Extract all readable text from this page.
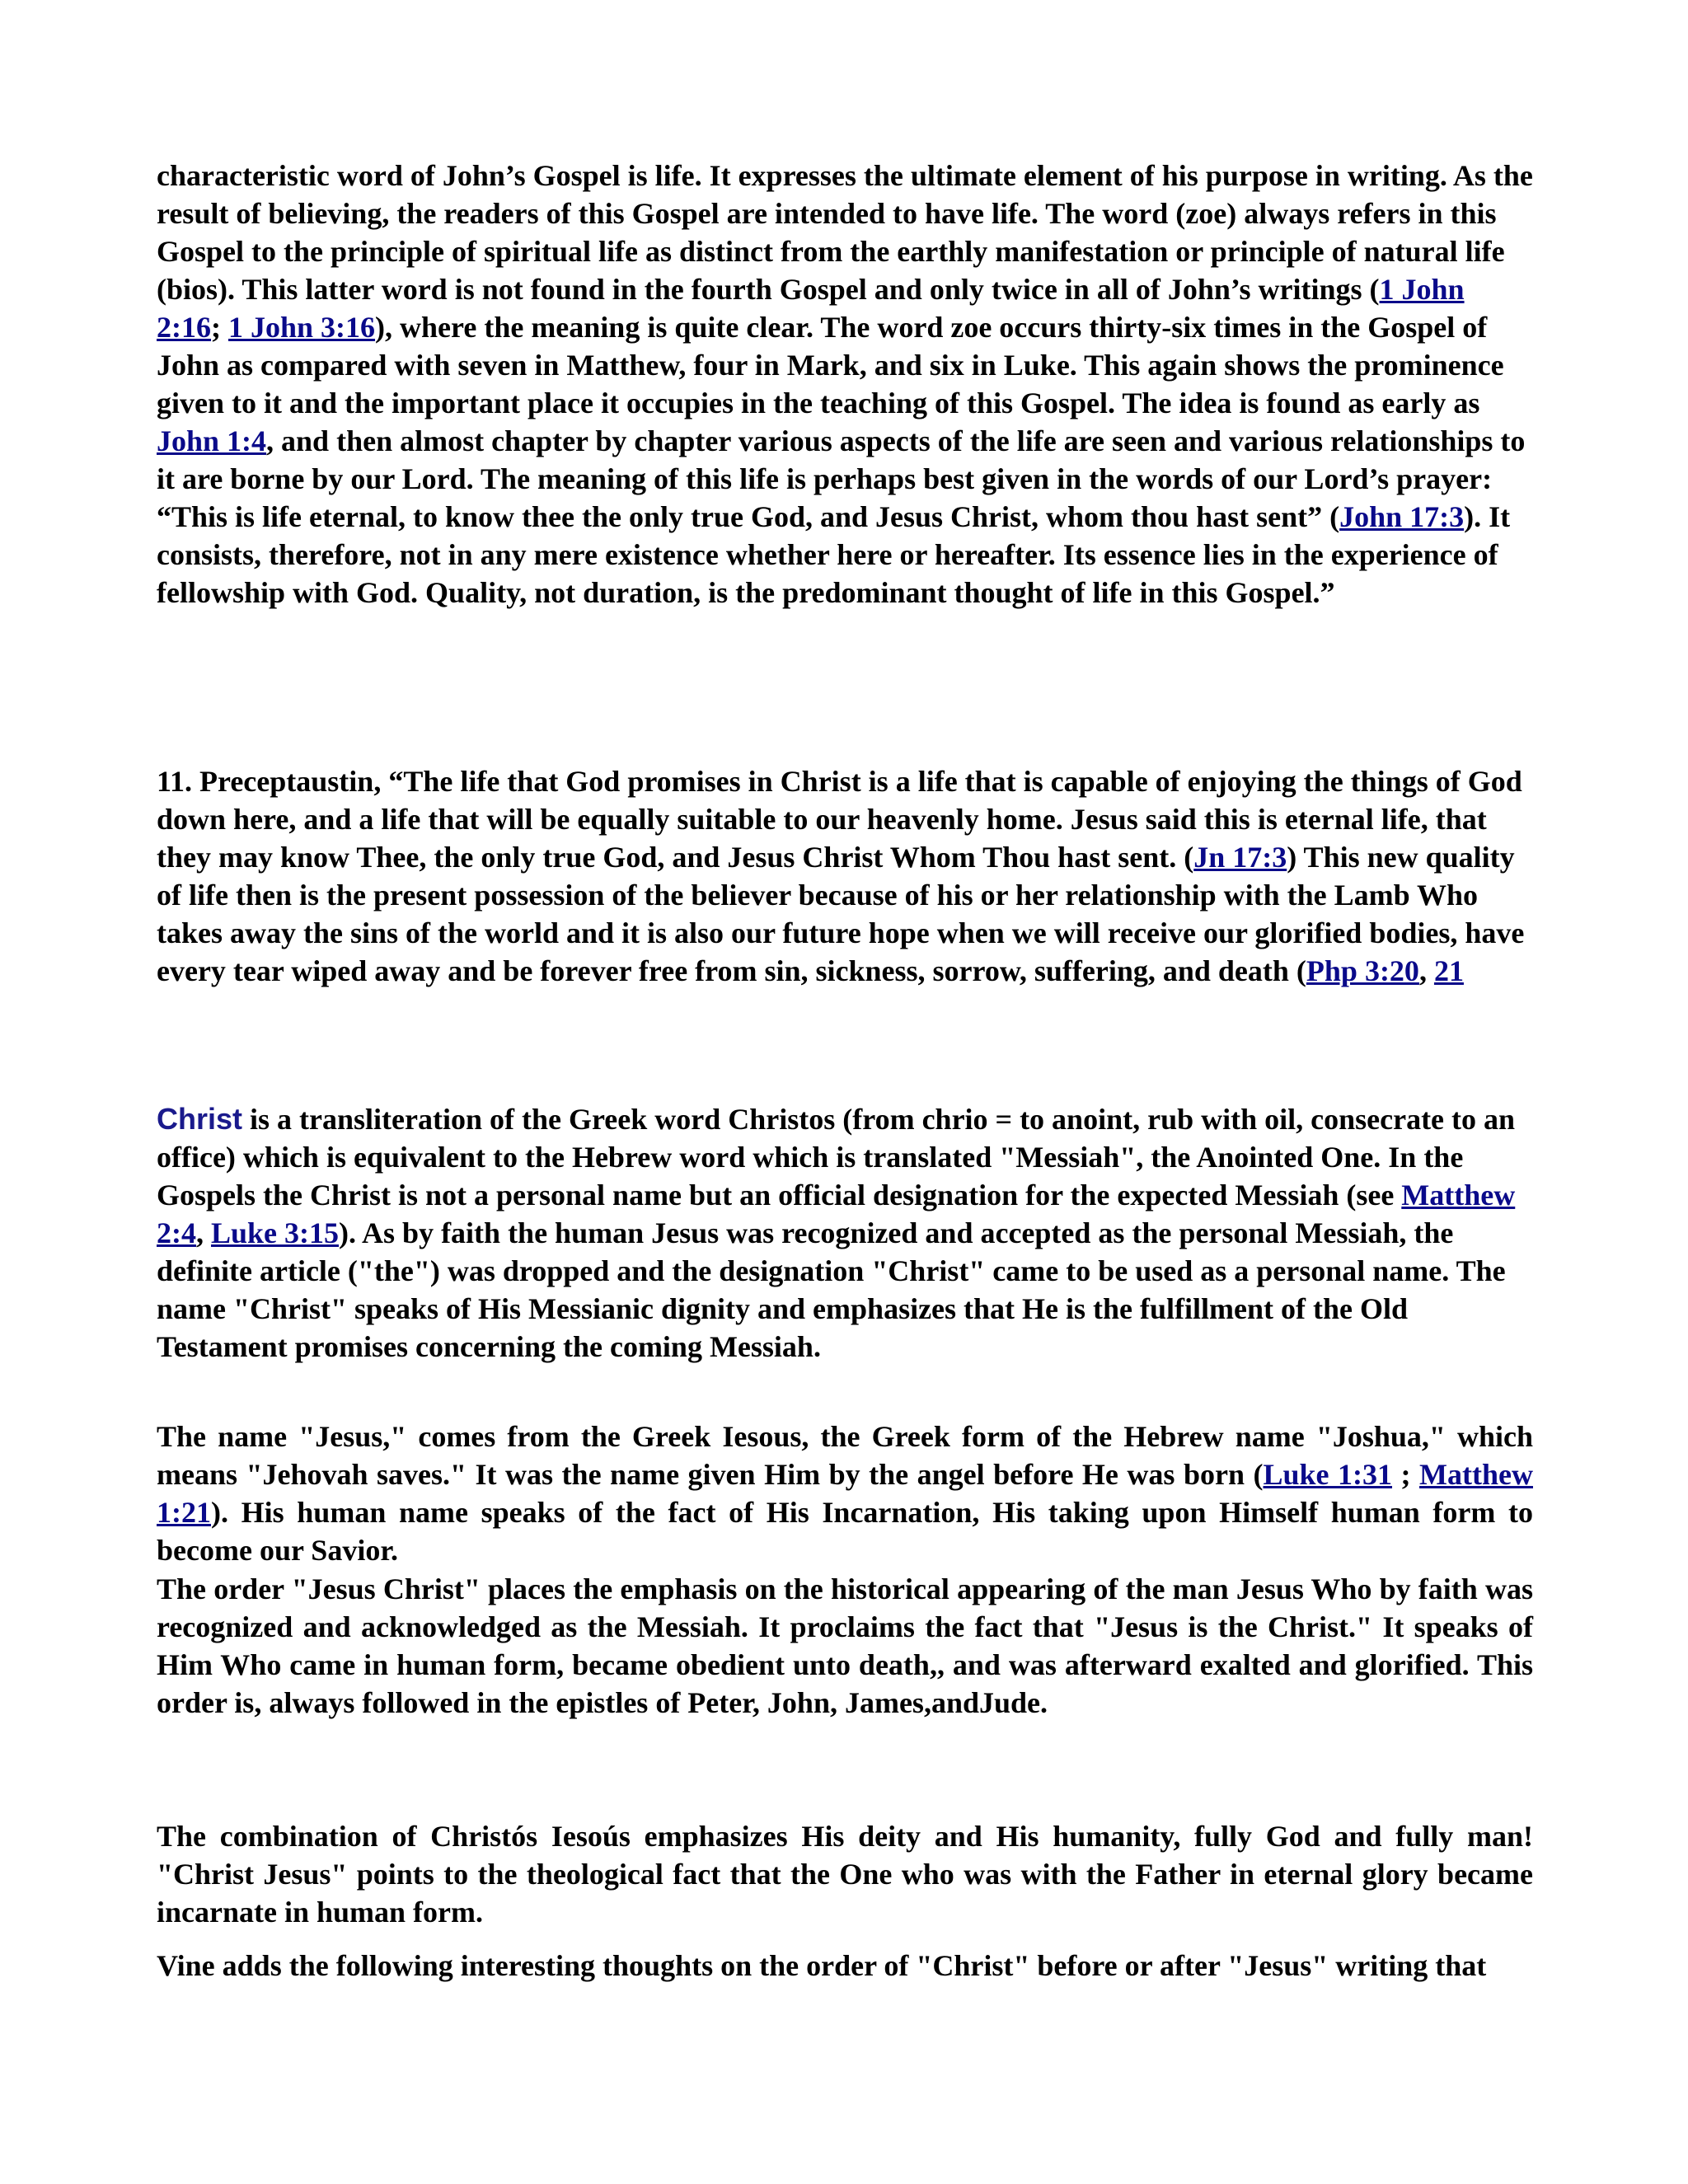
characteristic word of John’s Gospel is life. It expresses the ultimate element of his purpose in writing. As the result of believing, the readers of this Gospel are intended to have life. The word (zoe) always refers in this Gospel to the principle of spiritual life as distinct from the earthly manifestation or principle of natural life (bios). This latter word is not found in the fourth Gospel and only twice in all of John’s writings (1 John 2:16; 1 John 3:16), where the meaning is quite clear. The word zoe occurs thirty-six times in the Gospel of John as compared with seven in Matthew, four in Mark, and six in Luke. This again shows the prominence given to it and the important place it occupies in the teaching of this Gospel. The idea is found as early as John 1:4, and then almost chapter by chapter various aspects of the life are seen and various relationships to it are borne by our Lord. The meaning of this life is perhaps best given in the words of our Lord’s prayer: “This is life eternal, to know thee the only true God, and Jesus Christ, whom thou hast sent” (John 17:3). It consists, therefore, not in any mere existence whether here or hereafter. Its essence lies in the experience of fellowship with God. Quality, not duration, is the predominant thought of life in this Gospel.”

11. Preceptaustin, “The life that God promises in Christ is a life that is capable of enjoying the things of God down here, and a life that will be equally suitable to our heavenly home. Jesus said this is eternal life, that they may know Thee, the only true God, and Jesus Christ Whom Thou hast sent. (Jn 17:3) This new quality of life then is the present possession of the believer because of his or her relationship with the Lamb Who takes away the sins of the world and it is also our future hope when we will receive our glorified bodies, have every tear wiped away and be forever free from sin, sickness, sorrow, suffering, and death (Php 3:20, 21

Christ is a transliteration of the Greek word Christos (from chrio = to anoint, rub with oil, consecrate to an office) which is equivalent to the Hebrew word which is translated "Messiah", the Anointed One. In the Gospels the Christ is not a personal name but an official designation for the expected Messiah (see Matthew 2:4, Luke 3:15). As by faith the human Jesus was recognized and accepted as the personal Messiah, the definite article ("the") was dropped and the designation "Christ" came to be used as a personal name. The name "Christ" speaks of His Messianic dignity and emphasizes that He is the fulfillment of the Old Testament promises concerning the coming Messiah.

The name "Jesus," comes from the Greek Iesous, the Greek form of the Hebrew name "Joshua," which means "Jehovah saves." It was the name given Him by the angel before He was born (Luke 1:31 ; Matthew 1:21). His human name speaks of the fact of His Incarnation, His taking upon Himself human form to become our Savior.

The order "Jesus Christ" places the emphasis on the historical appearing of the man Jesus Who by faith was recognized and acknowledged as the Messiah. It proclaims the fact that "Jesus is the Christ." It speaks of Him Who came in human form, became obedient unto death,, and was afterward exalted and glorified. This order is, always followed in the epistles of Peter, John, James,andJude.

The combination of Christós Iesoús emphasizes His deity and His humanity, fully God and fully man! "Christ Jesus" points to the theological fact that the One who was with the Father in eternal glory became incarnate in human form.

Vine adds the following interesting thoughts on the order of "Christ" before or after "Jesus" writing that
